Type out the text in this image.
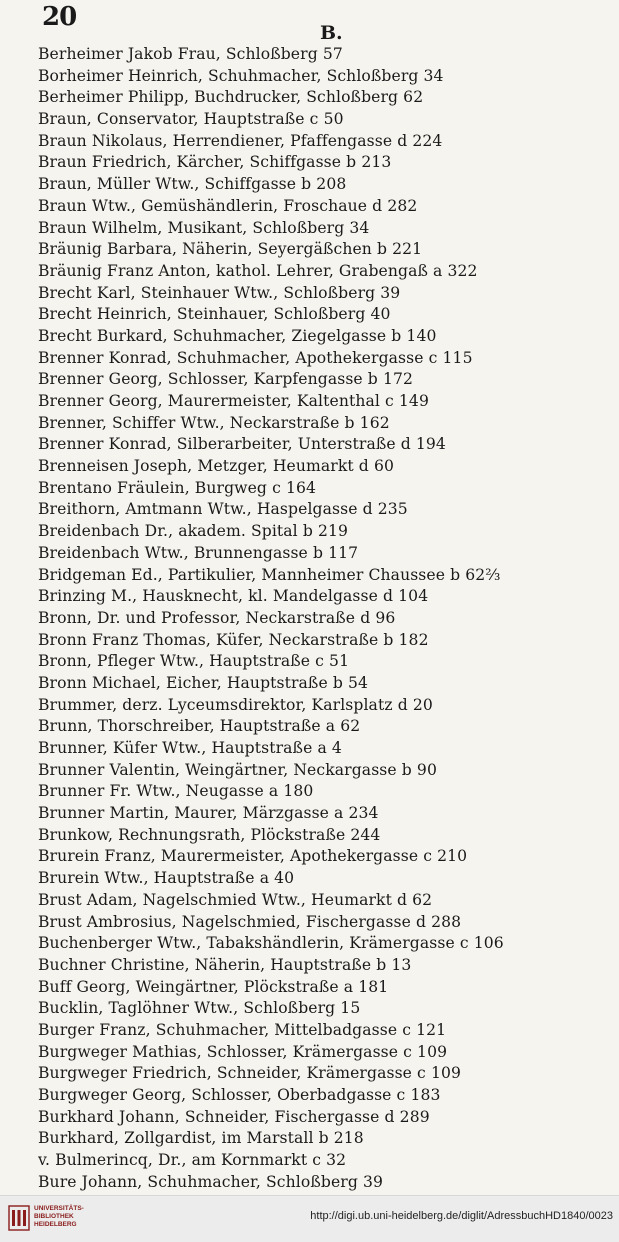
20
B.
Berheimer Jakob Frau, Schloßberg 57
Borheimer Heinrich, Schuhmacher, Schloßberg 34
Berheimer Philipp, Buchdrucker, Schloßberg 62
Braun, Conservator, Hauptstraße c 50
Braun Nikolaus, Herrendiener, Pfaffengasse d 224
Braun Friedrich, Kärcher, Schiffgasse b 213
Braun, Müller Wtw., Schiffgasse b 208
Braun Wtw., Gemüshändlerin, Froschaue d 282
Braun Wilhelm, Musikant, Schloßberg 34
Bräunig Barbara, Näherin, Seyergäßchen b 221
Bräunig Franz Anton, kathol. Lehrer, Grabengaß a 322
Brecht Karl, Steinhauer Wtw., Schloßberg 39
Brecht Heinrich, Steinhauer, Schloßberg 40
Brecht Burkard, Schuhmacher, Ziegelgasse b 140
Brenner Konrad, Schuhmacher, Apothekergasse c 115
Brenner Georg, Schlosser, Karpfengasse b 172
Brenner Georg, Maurermeister, Kaltenthal c 149
Brenner, Schiffer Wtw., Neckarstraße b 162
Brenner Konrad, Silberarbeiter, Unterstraße d 194
Brenneisen Joseph, Metzger, Heumarkt d 60
Brentano Fräulein, Burgweg c 164
Breithorn, Amtmann Wtw., Haspelgasse d 235
Breidenbach Dr., akadem. Spital b 219
Breidenbach Wtw., Brunnengasse b 117
Bridgeman Ed., Partikulier, Mannheimer Chaussee b 62⅔
Brinzing M., Hausknecht, kl. Mandelgasse d 104
Bronn, Dr. und Professor, Neckarstraße d 96
Bronn Franz Thomas, Küfer, Neckarstraße b 182
Bronn, Pfleger Wtw., Hauptstraße c 51
Bronn Michael, Eicher, Hauptstraße b 54
Brummer, derz. Lyceumsdirektor, Karlsplatz d 20
Brunn, Thorschreiber, Hauptstraße a 62
Brunner, Küfer Wtw., Hauptstraße a 4
Brunner Valentin, Weingärtner, Neckargasse b 90
Brunner Fr. Wtw., Neugasse a 180
Brunner Martin, Maurer, Märzgasse a 234
Brunkow, Rechnungsrath, Plöckstraße 244
Brurein Franz, Maurermeister, Apothekergasse c 210
Brurein Wtw., Hauptstraße a 40
Brust Adam, Nagelschmied Wtw., Heumarkt d 62
Brust Ambrosius, Nagelschmied, Fischergasse d 288
Buchenberger Wtw., Tabakshändlerin, Krämergasse c 106
Buchner Christine, Näherin, Hauptstraße b 13
Buff Georg, Weingärtner, Plöckstraße a 181
Bucklin, Taglöhner Wtw., Schloßberg 15
Burger Franz, Schuhmacher, Mittelbadgasse c 121
Burgweger Mathias, Schlosser, Krämergasse c 109
Burgweger Friedrich, Schneider, Krämergasse c 109
Burgweger Georg, Schlosser, Oberbadgasse c 183
Burkhard Johann, Schneider, Fischergasse d 289
Burkhard, Zollgardist, im Marstall b 218
v. Bulmerincq, Dr., am Kornmarkt c 32
Bure Johann, Schuhmacher, Schloßberg 39
UNIVERSITÄTS-
BIBLIOTHEK
HEIDELBERG
http://digi.ub.uni-heidelberg.de/diglit/AdressbuchHD1840/0023
